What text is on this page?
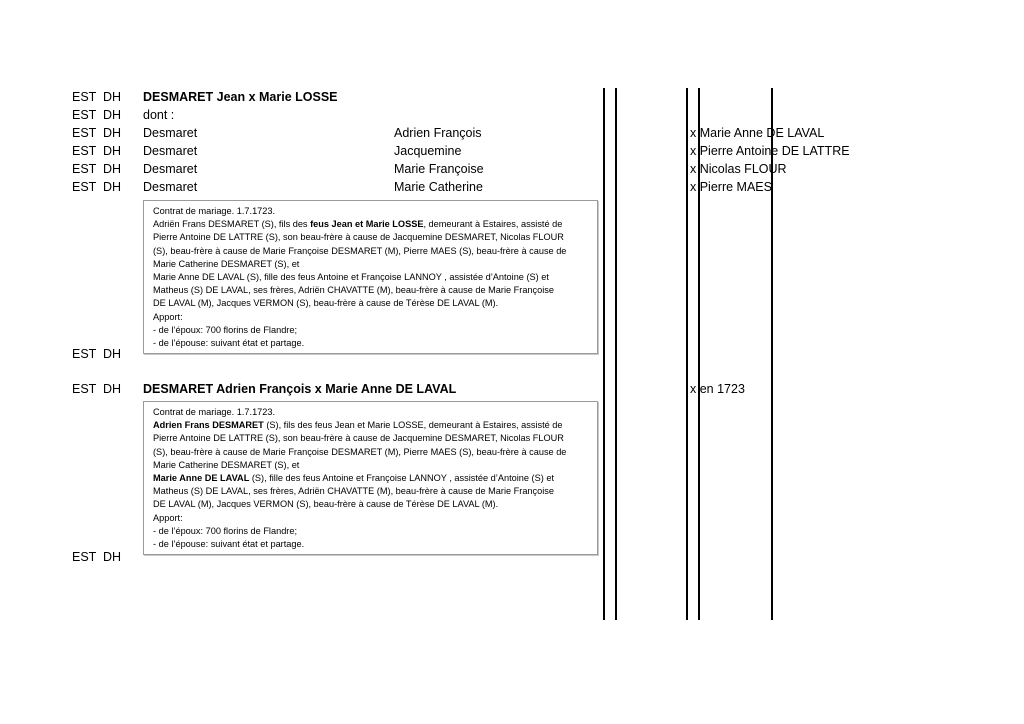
EST DH DESMARET Jean x Marie LOSSE
EST DH dont :
EST DH Desmaret	Adrien François	x Marie Anne DE LAVAL
EST DH Desmaret	Jacquemine	x Pierre Antoine DE LATTRE
EST DH Desmaret	Marie Françoise	x Nicolas FLOUR
EST DH Desmaret	Marie Catherine	x Pierre MAES
Contrat de mariage. 1.7.1723.
Adriën Frans DESMARET (S), fils des feus Jean et Marie LOSSE, demeurant à Estaires, assisté de
Pierre Antoine DE LATTRE (S), son beau-frère à cause de Jacquemine DESMARET, Nicolas FLOUR
(S), beau-frère à cause de Marie Françoise DESMARET (M), Pierre MAES (S), beau-frère à cause de
Marie Catherine DESMARET (S), et
Marie Anne DE LAVAL (S), fille des feus Antoine et Françoise LANNOY , assistée d’Antoine (S) et
Matheus (S) DE LAVAL, ses frères, Adriën CHAVATTE (M), beau-frère à cause de Marie Françoise
DE LAVAL (M), Jacques VERMON (S), beau-frère à cause de Térèse DE LAVAL (M).
Apport:
- de l’époux: 700 florins de Flandre;
- de l’épouse: suivant état et partage.
EST DH
EST DH DESMARET Adrien François x Marie Anne DE LAVAL	x en 1723
Contrat de mariage. 1.7.1723.
Adrien Frans DESMARET (S), fils des feus Jean et Marie LOSSE, demeurant à Estaires, assisté de
Pierre Antoine DE LATTRE (S), son beau-frère à cause de Jacquemine DESMARET, Nicolas FLOUR
(S), beau-frère à cause de Marie Françoise DESMARET (M), Pierre MAES (S), beau-frère à cause de
Marie Catherine DESMARET (S), et
Marie Anne DE LAVAL (S), fille des feus Antoine et Françoise LANNOY , assistée d’Antoine (S) et
Matheus (S) DE LAVAL, ses frères, Adriën CHAVATTE (M), beau-frère à cause de Marie Françoise
DE LAVAL (M), Jacques VERMON (S), beau-frère à cause de Térèse DE LAVAL (M).
Apport:
- de l’époux: 700 florins de Flandre;
- de l’épouse: suivant état et partage.
EST DH
